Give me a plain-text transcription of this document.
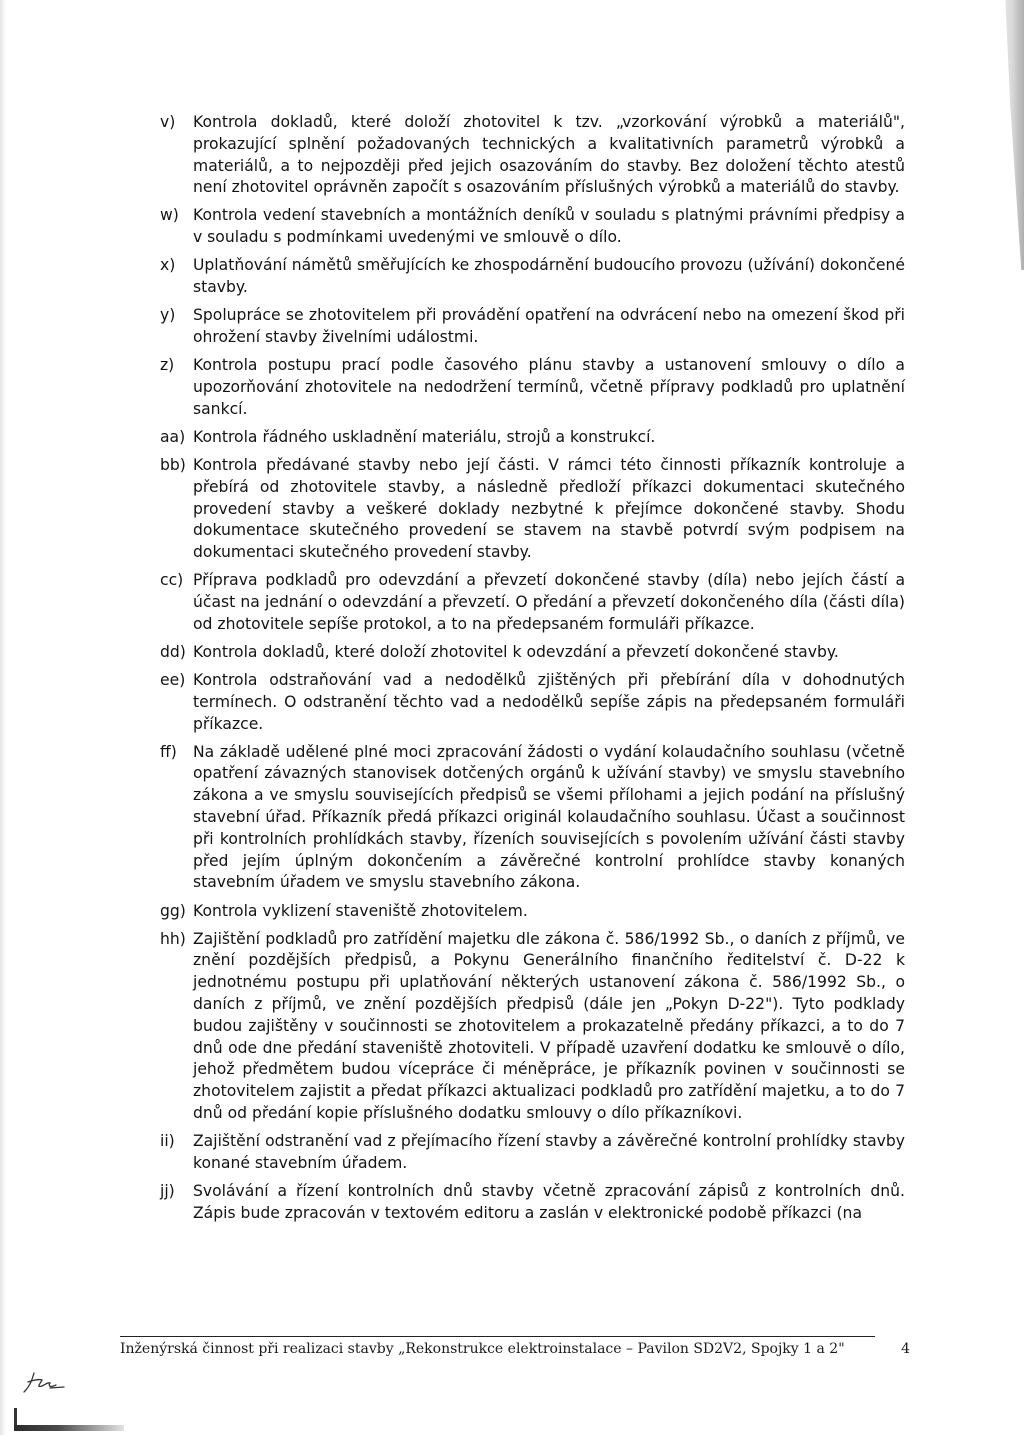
v) Kontrola dokladů, které doloží zhotovitel k tzv. „vzorkování výrobků a materiálů", prokazující splnění požadovaných technických a kvalitativních parametrů výrobků a materiálů, a to nejpozději před jejich osazováním do stavby. Bez doložení těchto atestů není zhotovitel oprávněn započít s osazováním příslušných výrobků a materiálů do stavby.
w) Kontrola vedení stavebních a montážních deníků v souladu s platnými právními předpisy a v souladu s podmínkami uvedenými ve smlouvě o dílo.
x) Uplatňování námětů směřujících ke zhospodárnění budoucího provozu (užívání) dokončené stavby.
y) Spolupráce se zhotovitelem při provádění opatření na odvrácení nebo na omezení škod při ohrožení stavby živelními událostmi.
z) Kontrola postupu prací podle časového plánu stavby a ustanovení smlouvy o dílo a upozorňování zhotovitele na nedodržení termínů, včetně přípravy podkladů pro uplatnění sankcí.
aa) Kontrola řádného uskladnění materiálu, strojů a konstrukcí.
bb) Kontrola předávané stavby nebo její části. V rámci této činnosti příkazník kontroluje a přebírá od zhotovitele stavby, a následně předloží příkazci dokumentaci skutečného provedení stavby a veškeré doklady nezbytné k přejímce dokončené stavby. Shodu dokumentace skutečného provedení se stavem na stavbě potvrdí svým podpisem na dokumentaci skutečného provedení stavby.
cc) Příprava podkladů pro odevzdání a převzetí dokončené stavby (díla) nebo jejích částí a účast na jednání o odevzdání a převzetí. O předání a převzetí dokončeného díla (části díla) od zhotovitele sepíše protokol, a to na předepsaném formuláři příkazce.
dd) Kontrola dokladů, které doloží zhotovitel k odevzdání a převzetí dokončené stavby.
ee) Kontrola odstraňování vad a nedodělků zjištěných při přebírání díla v dohodnutých termínech. O odstranění těchto vad a nedodělků sepíše zápis na předepsaném formuláři příkazce.
ff) Na základě udělené plné moci zpracování žádosti o vydání kolaudačního souhlasu (včetně opatření závazných stanovisek dotčených orgánů k užívání stavby) ve smyslu stavebního zákona a ve smyslu souvisejících předpisů se všemi přílohami a jejich podání na příslušný stavební úřad. Příkazník předá příkazci originál kolaudačního souhlasu. Účast a součinnost při kontrolních prohlídkách stavby, řízeních souvisejících s povolením užívání části stavby před jejím úplným dokončením a závěrečné kontrolní prohlídce stavby konaných stavebním úřadem ve smyslu stavebního zákona.
gg) Kontrola vyklizení staveniště zhotovitelem.
hh) Zajištění podkladů pro zatřídění majetku dle zákona č. 586/1992 Sb., o daních z příjmů, ve znění pozdějších předpisů, a Pokynu Generálního finančního ředitelství č. D-22 k jednotnému postupu při uplatňování některých ustanovení zákona č. 586/1992 Sb., o daních z příjmů, ve znění pozdějších předpisů (dále jen „Pokyn D-22"). Tyto podklady budou zajištěny v součinnosti se zhotovitelem a prokazatelně předány příkazci, a to do 7 dnů ode dne předání staveniště zhotoviteli. V případě uzavření dodatku ke smlouvě o dílo, jehož předmětem budou vícepráce či méněpráce, je příkazník povinen v součinnosti se zhotovitelem zajistit a předat příkazci aktualizaci podkladů pro zatřídění majetku, a to do 7 dnů od předání kopie příslušného dodatku smlouvy o dílo příkazníkovi.
ii) Zajištění odstranění vad z přejímacího řízení stavby a závěrečné kontrolní prohlídky stavby konané stavebním úřadem.
jj) Svolávání a řízení kontrolních dnů stavby včetně zpracování zápisů z kontrolních dnů. Zápis bude zpracován v textovém editoru a zaslán v elektronické podobě příkazci (na
Inženýrská činnost při realizaci stavby „Rekonstrukce elektroinstalace – Pavilon SD2V2, Spojky 1 a 2"	4
